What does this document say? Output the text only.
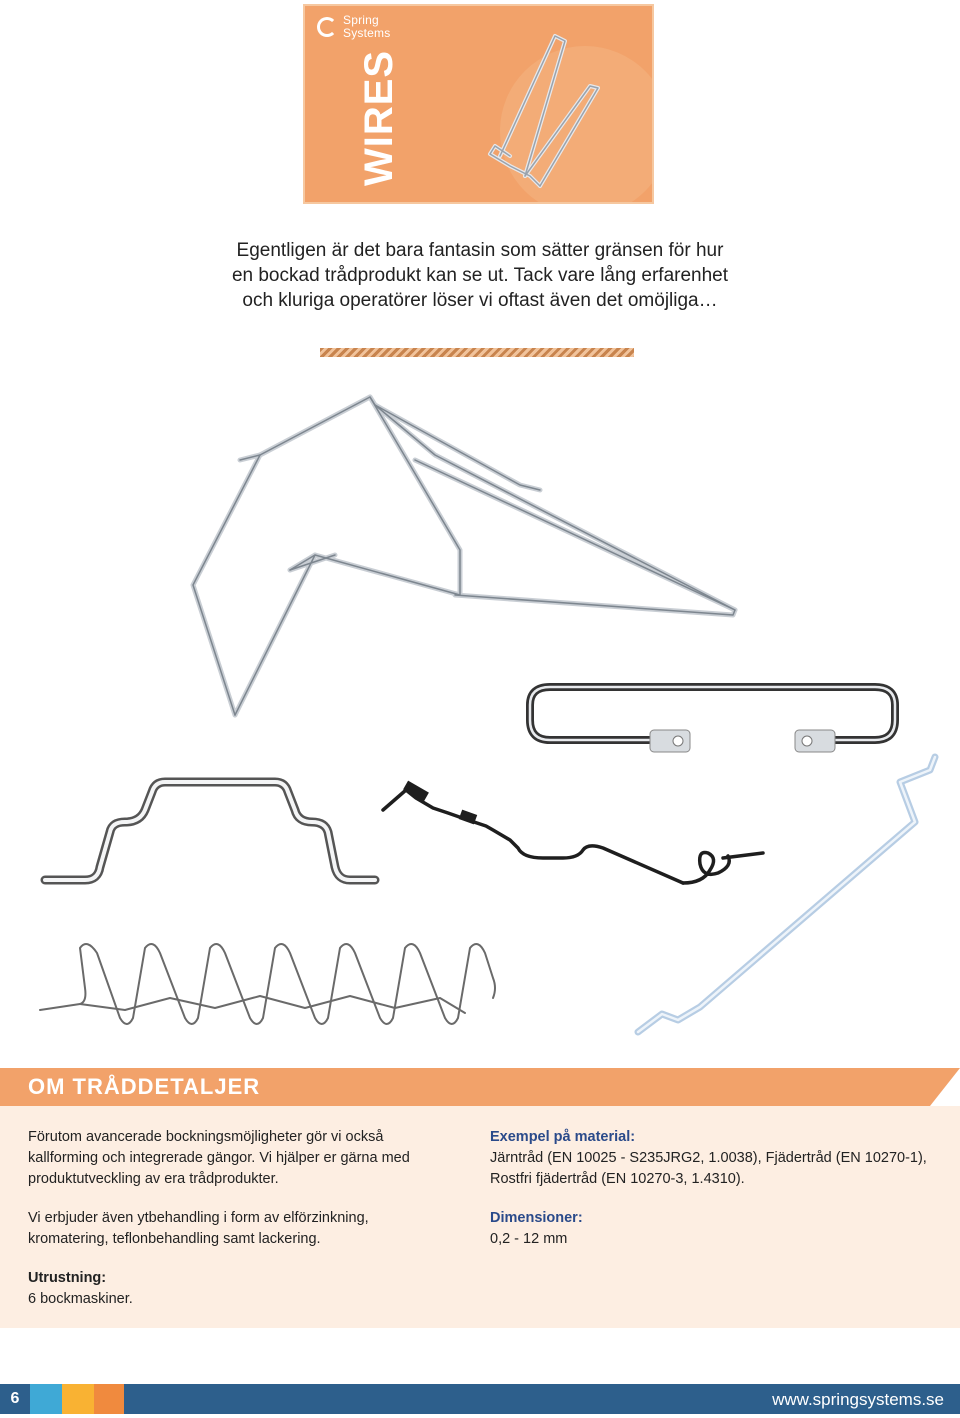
Spring
Systems
WIRES
Egentligen är det bara fantasin som sätter gränsen för hur en bockad trådprodukt kan se ut. Tack vare lång erfarenhet och kluriga operatörer löser vi oftast även det omöjliga…
OM TRÅDDETALJER
Förutom avancerade bockningsmöjligheter gör vi också kallforming och integrerade gängor. Vi hjälper er gärna med produktutveckling av era trådprodukter.
Vi erbjuder även ytbehandling i form av elförzinkning, kromatering, teflonbehandling samt lackering.
Utrustning:
6 bockmaskiner.
Exempel på material:
Järntråd (EN 10025 - S235JRG2, 1.0038), Fjädertråd (EN 10270-1), Rostfri fjädertråd (EN 10270-3, 1.4310).
Dimensioner:
0,2 - 12 mm
6	www.springsystems.se
